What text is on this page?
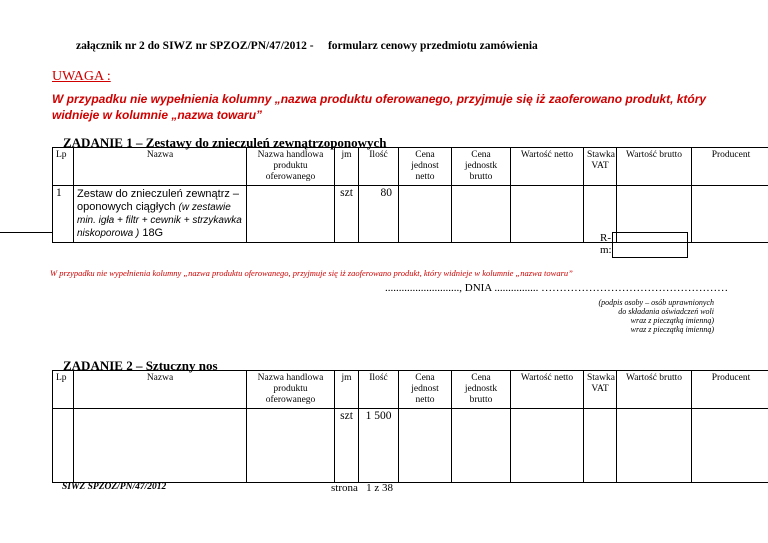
załącznik nr 2 do SIWZ nr SPZOZ/PN/47/2012 - formularz cenowy przedmiotu zamówienia
UWAGA :
W przypadku nie wypełnienia kolumny „nazwa produktu oferowanego, przyjmuje się iż zaoferowano produkt, który widnieje w kolumnie „nazwa towaru”
ZADANIE 1 – Zestawy do znieczuleń zewnątrzoponowych
Lp	Nazwa	Nazwa handlowa produktu oferowanego	jm	Ilość	Cena jednost netto	Cena jednostk brutto	Wartość netto	Stawka VAT	Wartość brutto	Producent
1	Zestaw do znieczuleń zewnątrz – oponowych ciągłych (w zestawie min. igła + filtr + cewnik + strzykawka niskoporowa ) 18G		szt	80						
R-
m:
W przypadku nie wypełnienia kolumny „nazwa produktu oferowanego, przyjmuje się iż zaoferowano produkt, który widnieje w kolumnie „nazwa towaru”
..........................., DNIA ................ ……………………………………………
(podpis osoby – osób uprawnionych
do składania oświadczeń woli
wraz z pieczątką imienną)
wraz z pieczątką imienną)
ZADANIE 2 – Sztuczny nos
Lp	Nazwa	Nazwa handlowa produktu oferowanego	jm	Ilość	Cena jednost netto	Cena jednostk brutto	Wartość netto	Stawka VAT	Wartość brutto	Producent
			szt	1 500						
SIWZ SPZOZ/PN/47/2012	strona 1 z 38
